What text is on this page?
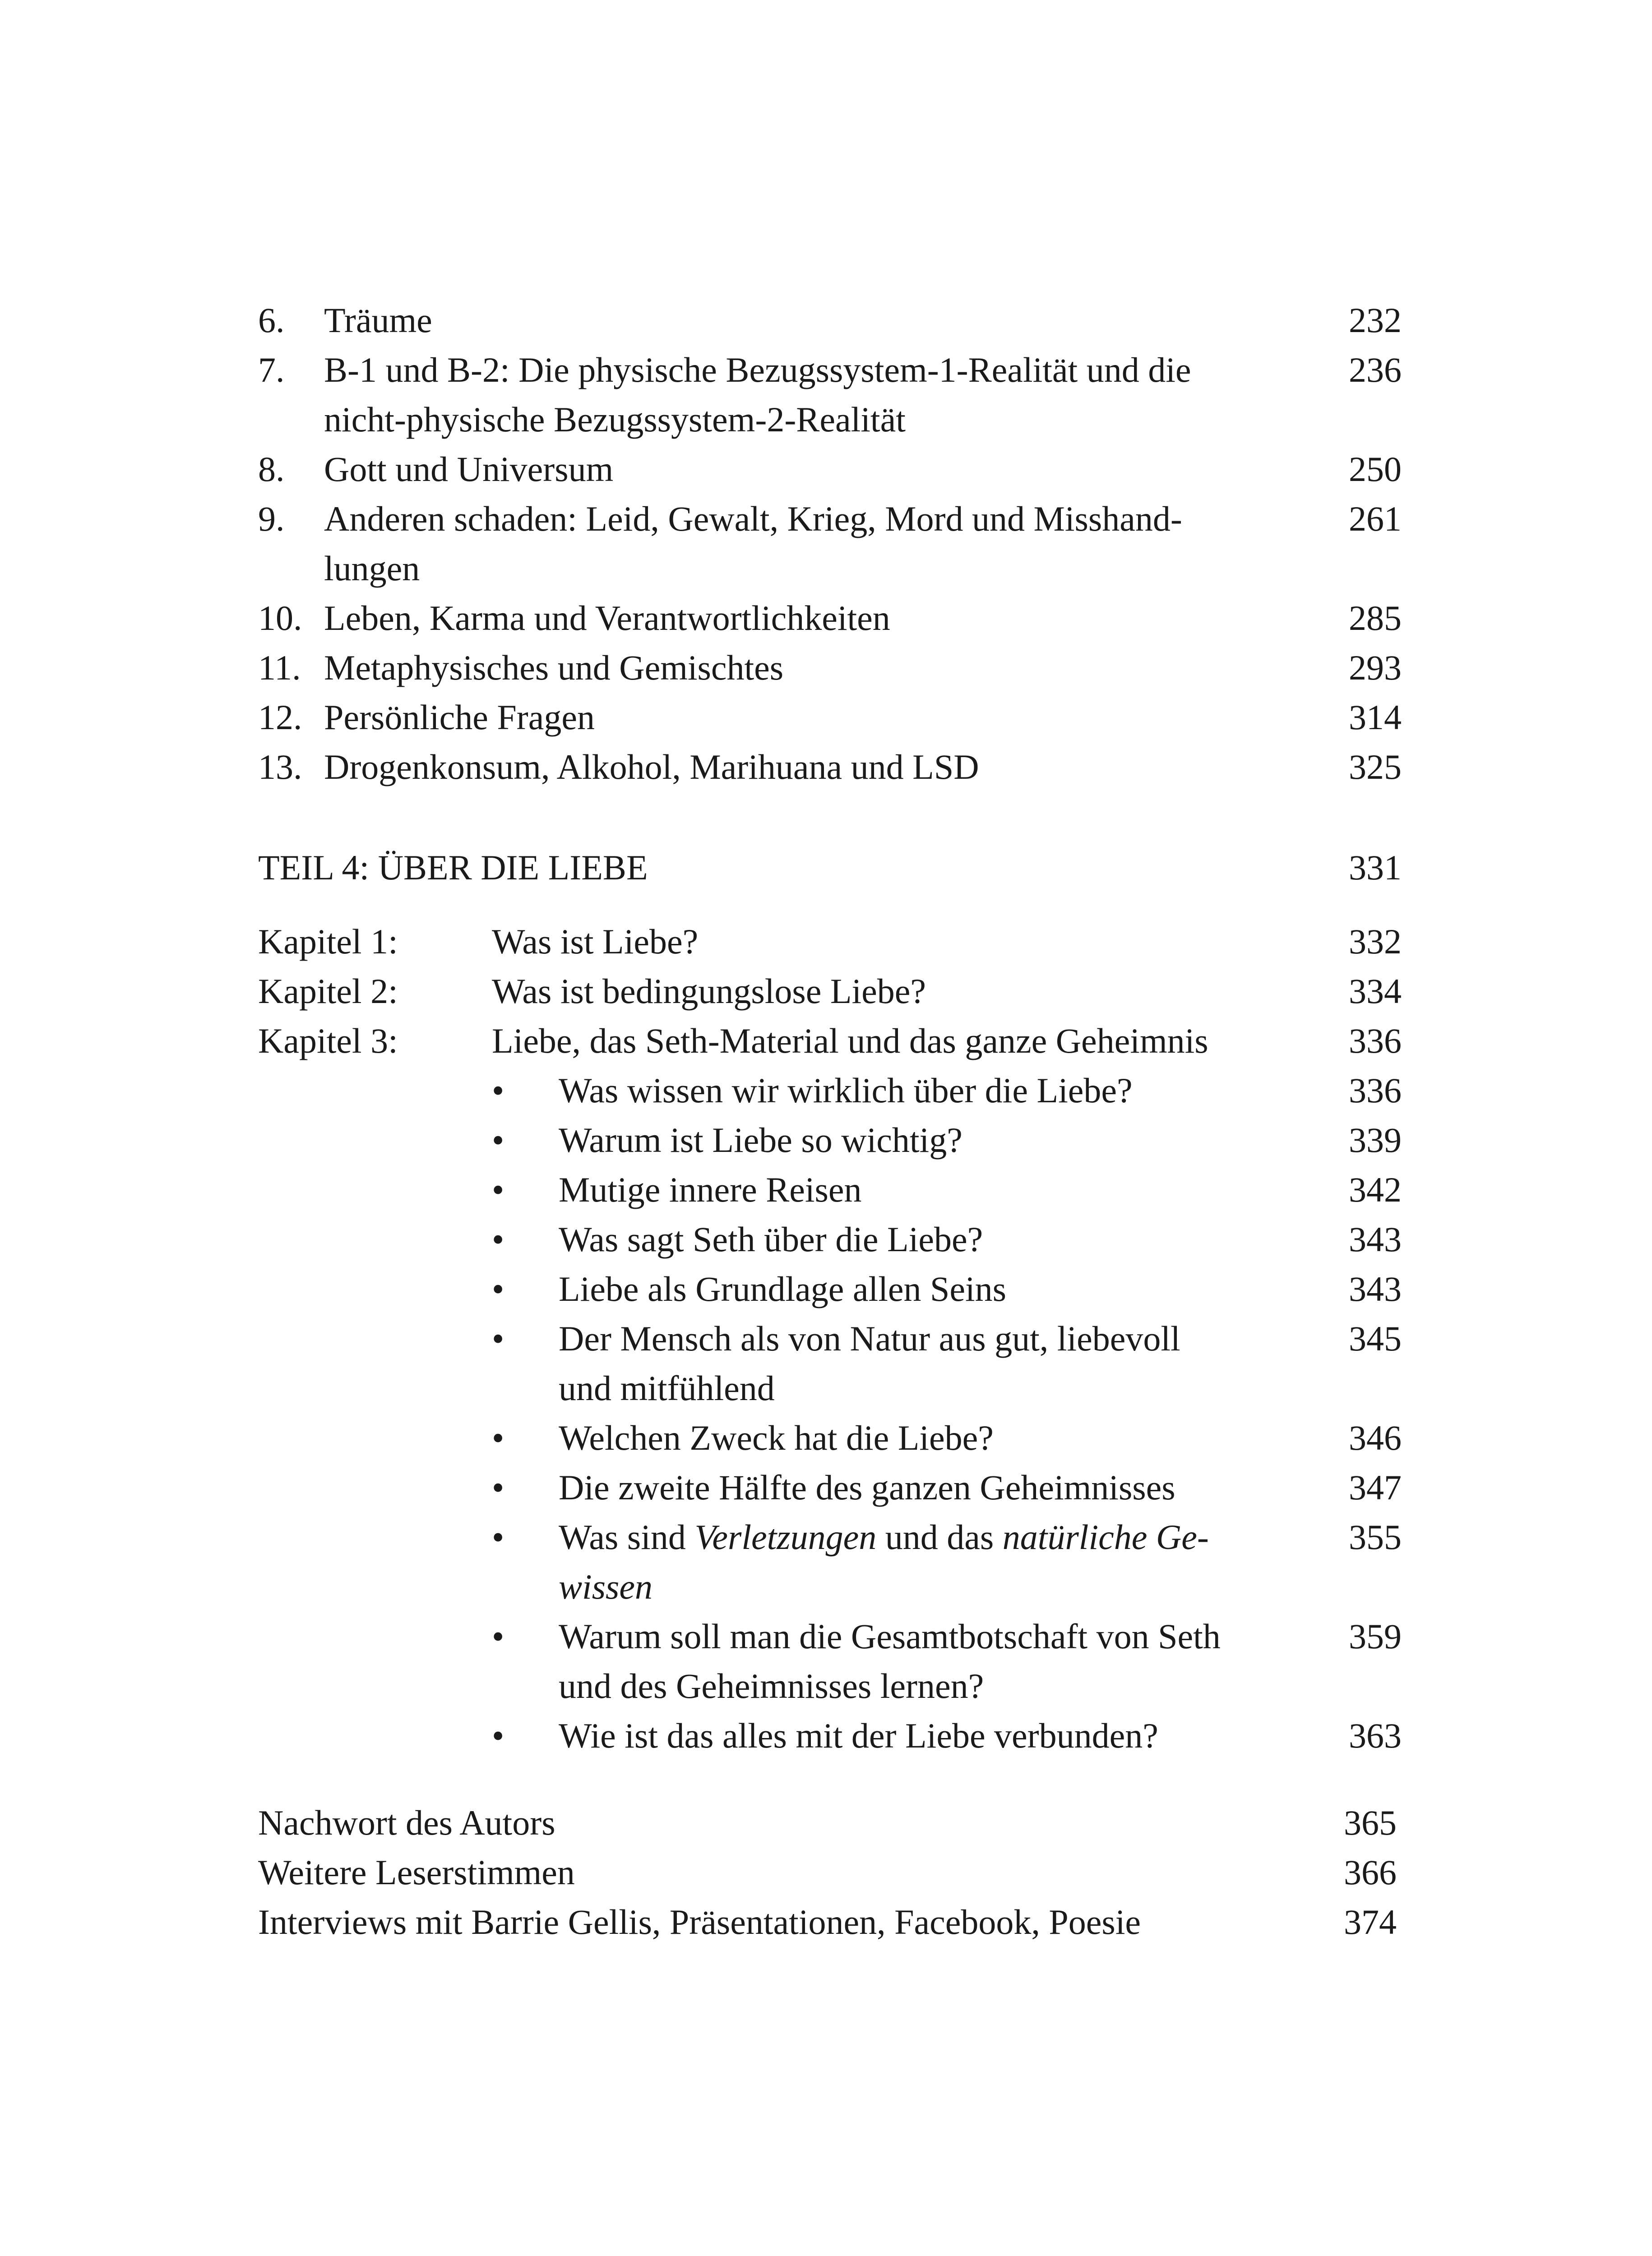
6. Träume	232
7. B-1 und B-2: Die physische Bezugssystem-1-Realität und die	236
nicht-physische Bezugssystem-2-Realität
8. Gott und Universum	250
9. Anderen schaden: Leid, Gewalt, Krieg, Mord und Misshand-	261
lungen
10. Leben, Karma und Verantwortlichkeiten	285
11. Metaphysisches und Gemischtes	293
12. Persönliche Fragen	314
13. Drogenkonsum, Alkohol, Marihuana und LSD	325
TEIL 4: ÜBER DIE LIEBE	331
Kapitel 1:	Was ist Liebe?	332
Kapitel 2:	Was ist bedingungslose Liebe?	334
Kapitel 3:	Liebe, das Seth-Material und das ganze Geheimnis	336
• Was wissen wir wirklich über die Liebe?	336
• Warum ist Liebe so wichtig?	339
• Mutige innere Reisen	342
• Was sagt Seth über die Liebe?	343
• Liebe als Grundlage allen Seins	343
• Der Mensch als von Natur aus gut, liebevoll	345
und mitfühlend
• Welchen Zweck hat die Liebe?	346
• Die zweite Hälfte des ganzen Geheimnisses	347
• Was sind Verletzungen und das natürliche Ge-	355
wissen
• Warum soll man die Gesamtbotschaft von Seth	359
und des Geheimnisses lernen?
• Wie ist das alles mit der Liebe verbunden?	363
Nachwort des Autors	365
Weitere Leserstimmen	366
Interviews mit Barrie Gellis, Präsentationen, Facebook, Poesie	374
